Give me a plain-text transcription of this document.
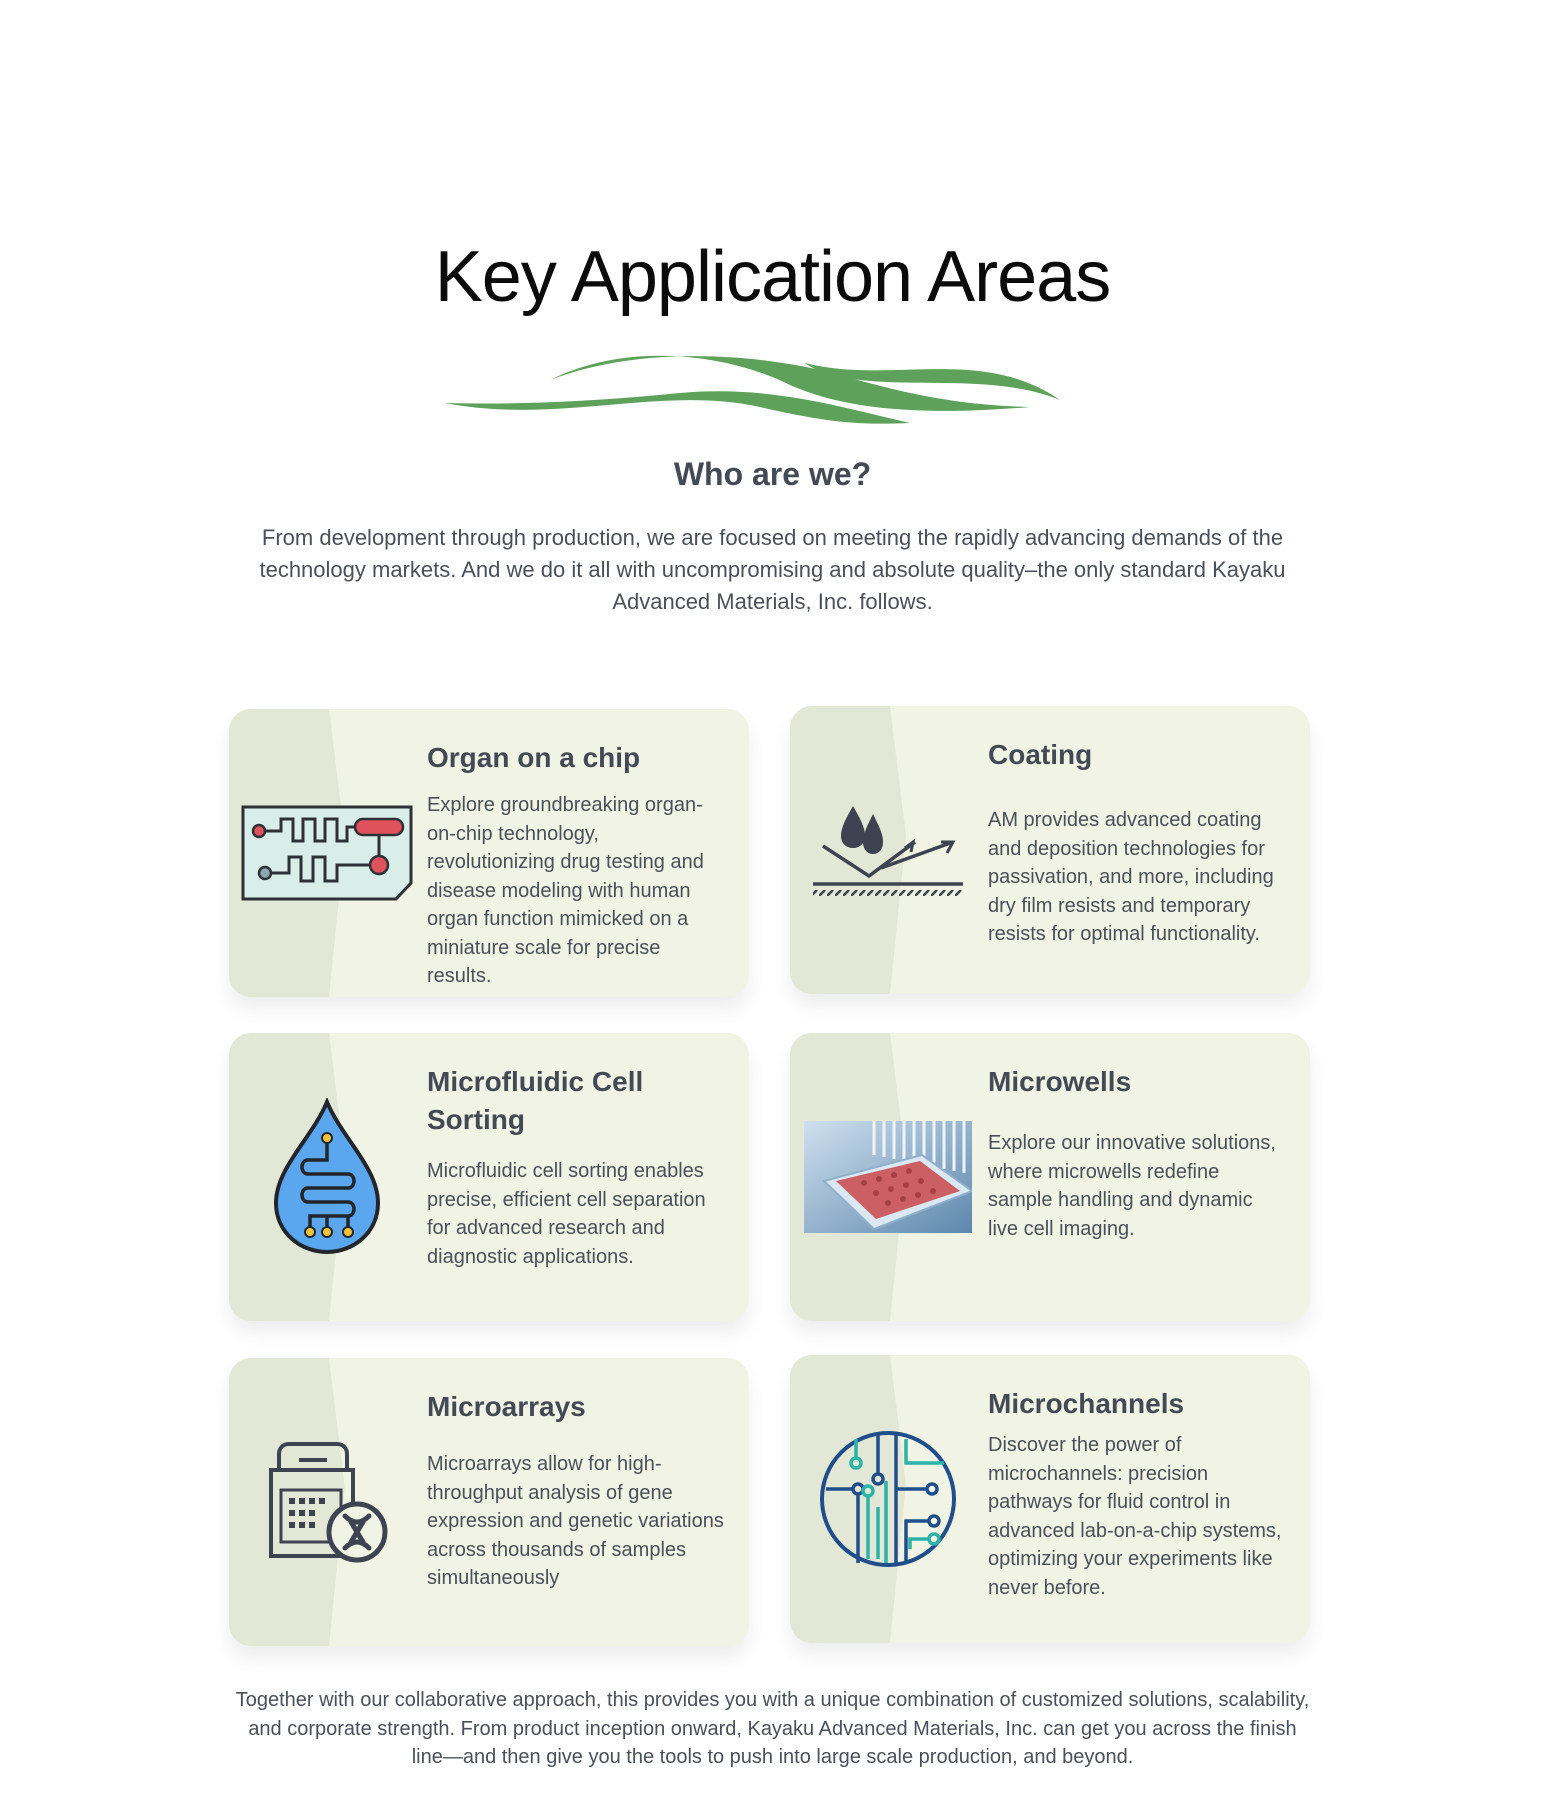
Key Application Areas
Who are we?

From development through production, we are focused on meeting the rapidly advancing demands of the technology markets. And we do it all with uncompromising and absolute quality–the only standard Kayaku Advanced Materials, Inc. follows.

Organ on a chip

Explore groundbreaking organ-on-chip technology, revolutionizing drug testing and disease modeling with human organ function mimicked on a miniature scale for precise results.

Coating

AM provides advanced coating and deposition technologies for passivation, and more, including dry film resists and temporary resists for optimal functionality.

Microfluidic Cell Sorting

Microfluidic cell sorting enables precise, efficient cell separation for advanced research and diagnostic applications.

Microwells

Explore our innovative solutions, where microwells redefine sample handling and dynamic live cell imaging.

Microarrays

Microarrays allow for high-throughput analysis of gene expression and genetic variations across thousands of samples simultaneously

Microchannels

Discover the power of microchannels: precision pathways for fluid control in advanced lab-on-a-chip systems, optimizing your experiments like never before.

Together with our collaborative approach, this provides you with a unique combination of customized solutions, scalability, and corporate strength. From product inception onward, Kayaku Advanced Materials, Inc. can get you across the finish line—and then give you the tools to push into large scale production, and beyond.
